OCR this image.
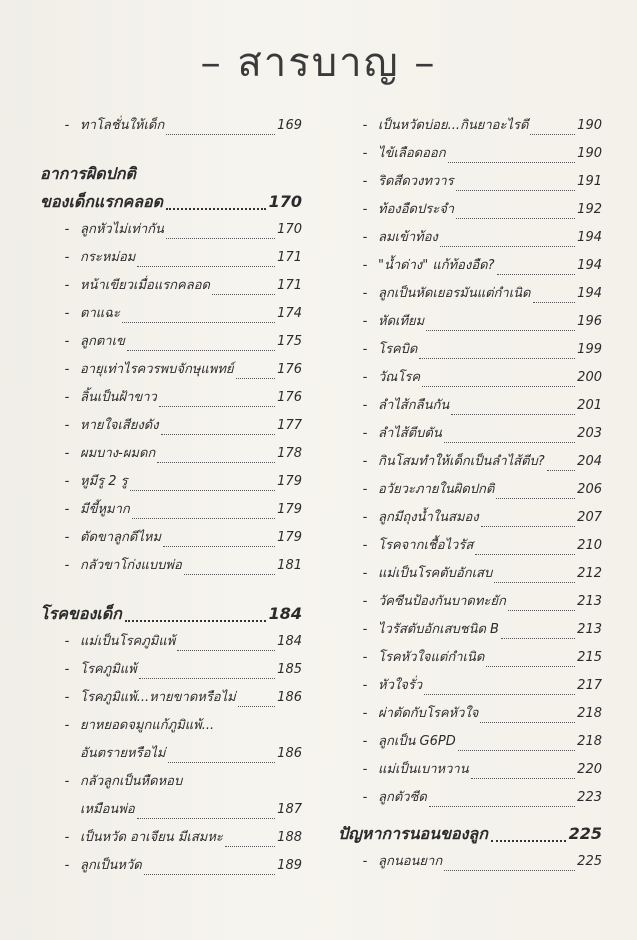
– สารบาญ –
- ทาโลชั่นให้เด็ก	169
อาการผิดปกติ
ของเด็กแรกคลอด	170
- ลูกหัวไม่เท่ากัน	170
- กระหม่อม	171
- หน้าเขียวเมื่อแรกคลอด	171
- ตาแฉะ	174
- ลูกตาเข	175
- อายุเท่าไรควรพบจักษุแพทย์	176
- ลิ้นเป็นฝ้าขาว	176
- หายใจเสียงดัง	177
- ผมบาง-ผมดก	178
- หูมีรู 2 รู	179
- มีขี้หูมาก	179
- ตัดขาลูกดีไหม	179
- กลัวขาโก่งแบบพ่อ	181
โรคของเด็ก	184
- แม่เป็นโรคภูมิแพ้	184
- โรคภูมิแพ้	185
- โรคภูมิแพ้...หายขาดหรือไม่	186
- ยาหยอดจมูกแก้ภูมิแพ้...
อันตรายหรือไม่	186
- กลัวลูกเป็นหืดหอบ
เหมือนพ่อ	187
- เป็นหวัด อาเจียน มีเสมหะ	188
- ลูกเป็นหวัด	189
- เป็นหวัดบ่อย...กินยาอะไรดี	190
- ไข้เลือดออก	190
- ริดสีดวงทวาร	191
- ท้องอืดประจำ	192
- ลมเข้าท้อง	194
- "น้ำด่าง" แก้ท้องอืด?	194
- ลูกเป็นหัดเยอรมันแต่กำเนิด	194
- หัดเทียม	196
- โรคบิด	199
- วัณโรค	200
- ลำไส้กลืนกัน	201
- ลำไส้ตีบตัน	203
- กินโสมทำให้เด็กเป็นลำไส้ตีบ? 204
- อวัยวะภายในผิดปกติ	206
- ลูกมีถุงน้ำในสมอง	207
- โรคจากเชื้อไวรัส	210
- แม่เป็นโรคตับอักเสบ	212
- วัคซีนป้องกันบาดทะยัก	213
- ไวรัสตับอักเสบชนิด B	213
- โรคหัวใจแต่กำเนิด	215
- หัวใจรั่ว	217
- ผ่าตัดกับโรคหัวใจ	218
- ลูกเป็น G6PD	218
- แม่เป็นเบาหวาน	220
- ลูกตัวซีด	223
ปัญหาการนอนของลูก	225
- ลูกนอนยาก	225
